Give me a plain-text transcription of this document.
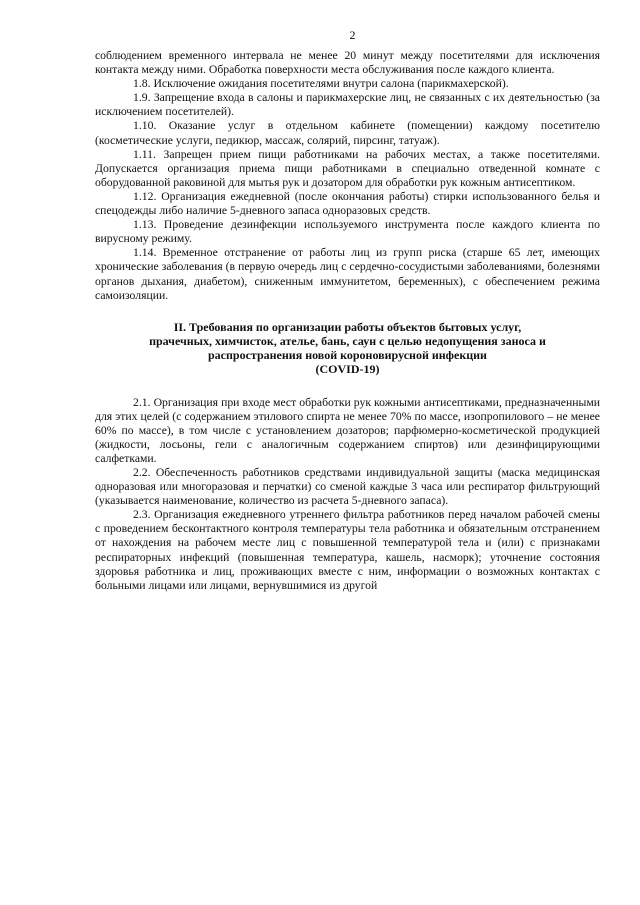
2

соблюдением временного интервала не менее 20 минут между посетителями для исключения контакта между ними. Обработка поверхности места обслуживания после каждого клиента.

1.8. Исключение ожидания посетителями внутри салона (парикмахерской).

1.9. Запрещение входа в салоны и парикмахерские лиц, не связанных с их деятельностью (за исключением посетителей).

1.10. Оказание услуг в отдельном кабинете (помещении) каждому посетителю (косметические услуги, педикюр, массаж, солярий, пирсинг, татуаж).

1.11. Запрещен прием пищи работниками на рабочих местах, а также посетителями. Допускается организация приема пищи работниками в специально отведенной комнате с оборудованной раковиной для мытья рук и дозатором для обработки рук кожным антисептиком.

1.12. Организация ежедневной (после окончания работы) стирки использованного белья и спецодежды либо наличие 5-дневного запаса одноразовых средств.

1.13. Проведение дезинфекции используемого инструмента после каждого клиента по вирусному режиму.

1.14. Временное отстранение от работы лиц из групп риска (старше 65 лет, имеющих хронические заболевания (в первую очередь лиц с сердечно-сосудистыми заболеваниями, болезнями органов дыхания, диабетом), сниженным иммунитетом, беременных), с обеспечением режима самоизоляции.

II. Требования по организации работы объектов бытовых услуг,
прачечных, химчисток, ателье, бань, саун с целью недопущения заноса и
распространения новой короновирусной инфекции
(COVID-19)

2.1. Организация при входе мест обработки рук кожными антисептиками, предназначенными для этих целей (с содержанием этилового спирта не менее 70% по массе, изопропилового – не менее 60% по массе), в том числе с установлением дозаторов; парфюмерно-косметической продукцией (жидкости, лосьоны, гели с аналогичным содержанием спиртов) или дезинфицирующими салфетками.

2.2. Обеспеченность работников средствами индивидуальной защиты (маска медицинская одноразовая или многоразовая и перчатки) со сменой каждые 3 часа или респиратор фильтрующий (указывается наименование, количество из расчета 5-дневного запаса).

2.3. Организация ежедневного утреннего фильтра работников перед началом рабочей смены с проведением бесконтактного контроля температуры тела работника и обязательным отстранением от нахождения на рабочем месте лиц с повышенной температурой тела и (или) с признаками респираторных инфекций (повышенная температура, кашель, насморк); уточнение состояния здоровья работника и лиц, проживающих вместе с ним, информации о возможных контактах с больными лицами или лицами, вернувшимися из другой
